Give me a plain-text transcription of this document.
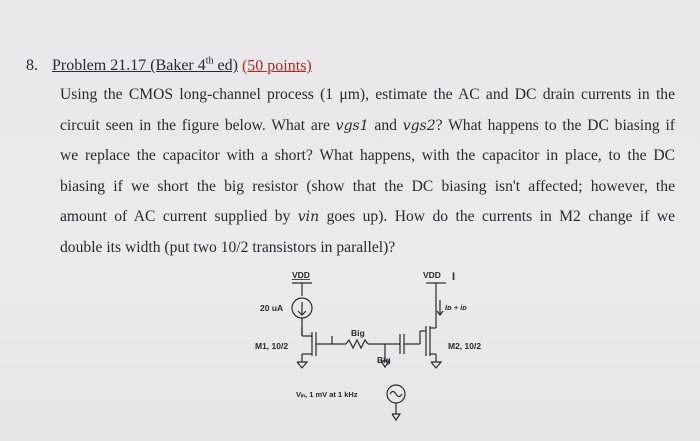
8. Problem 21.17 (Baker 4th ed) (50 points)
Using the CMOS long-channel process (1 μm), estimate the AC and DC drain currents in the
circuit seen in the figure below. What are vgs1 and vgs2? What happens to the DC biasing if
we replace the capacitor with a short? What happens, with the capacitor in place, to the DC
biasing if we short the big resistor (show that the DC biasing isn't affected; however, the
amount of AC current supplied by vin goes up). How do the currents in M2 change if we
double its width (put two 10/2 transistors in parallel)?
VDD	VDD I
20 uA
M1, 10/2	M2, 10/2
Big
Big
Vᵢₙ, 1 mV at 1 kHz
Iᴅ + iᴅ
